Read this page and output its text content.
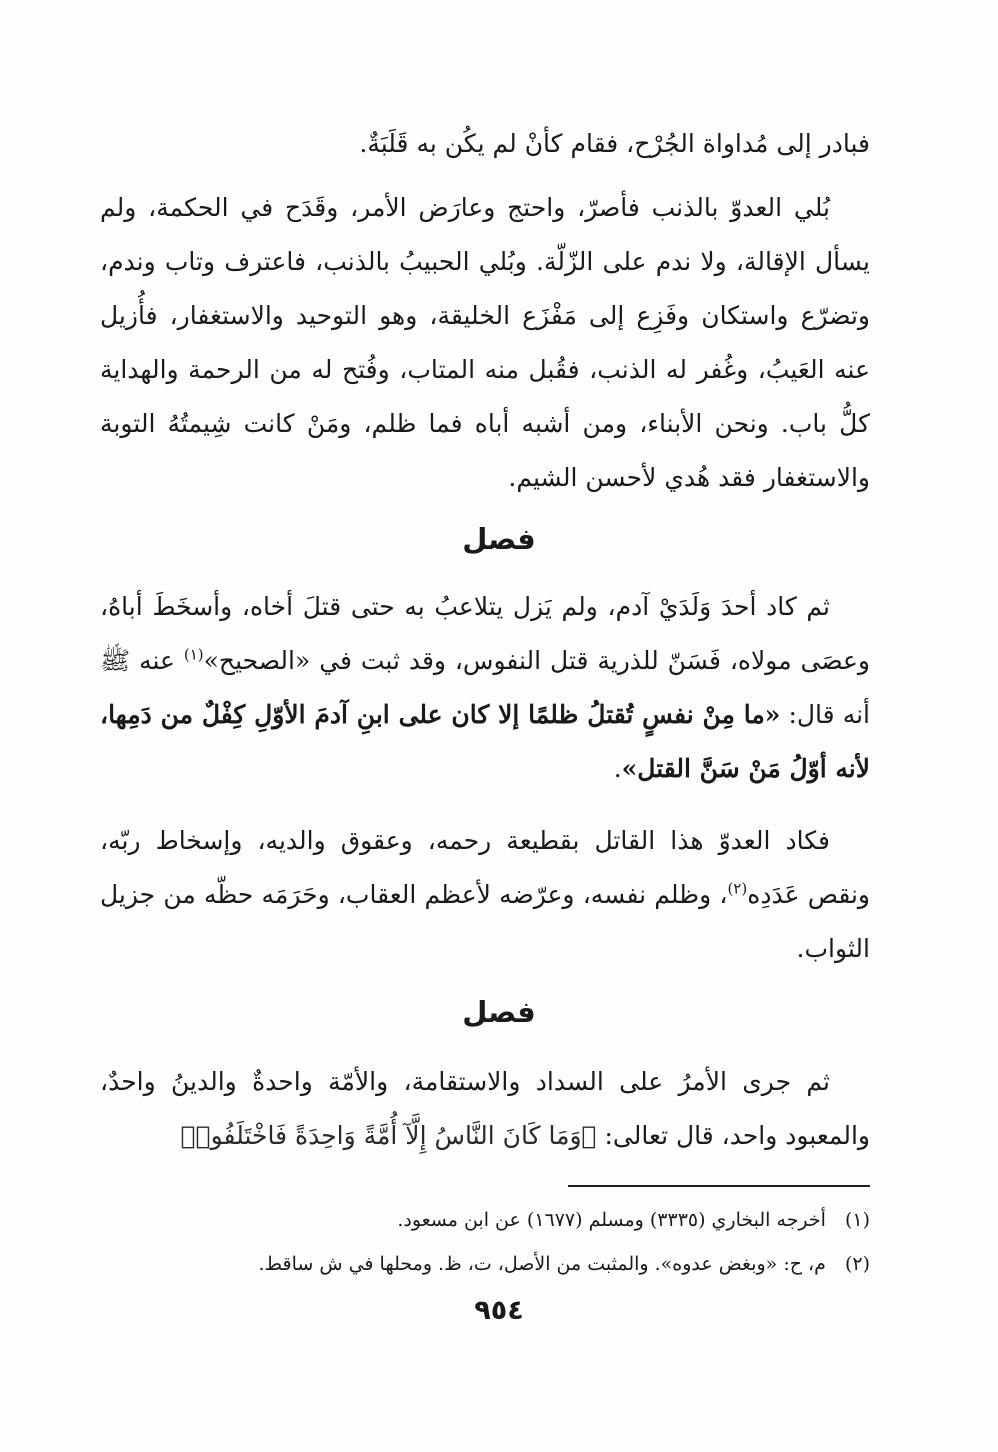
فبادر إلى مُداواة الجُرْح، فقام كأنْ لم يكُن به قَلَبَةٌ.

بُلي العدوّ بالذنب فأصرّ، واحتج وعارَض الأمر، وقَدَح في الحكمة، ولم يسأل الإقالة، ولا ندم على الزّلّة. وبُلي الحبيبُ بالذنب، فاعترف وتاب وندم، وتضرّع واستكان وفَزِع إلى مَفْزَع الخليقة، وهو التوحيد والاستغفار، فأُزيل عنه العَيبُ، وغُفر له الذنب، فقُبل منه المتاب، وفُتح له من الرحمة والهداية كلُّ باب. ونحن الأبناء، ومن أشبه أباه فما ظلم، ومَنْ كانت شِيمتُهُ التوبة والاستغفار فقد هُدي لأحسن الشيم.

فصل

ثم كاد أحدَ وَلَدَيْ آدم، ولم يَزل يتلاعبُ به حتى قتلَ أخاه، وأسخَطَ أباهُ، وعصَى مولاه، فَسَنّ للذرية قتل النفوس، وقد ثبت في «الصحيح»$^{(١)}$ عنه ﷺ أنه قال: «ما مِنْ نفسٍ تُقتلُ ظلمًا إلا كان على ابنِ آدمَ الأوّلِ كِفْلٌ من دَمِها، لأنه أوّلُ مَنْ سَنَّ القتل».

فكاد العدوّ هذا القاتل بقطيعة رحمه، وعقوق والديه، وإسخاط ربّه، ونقص عَدَدِه$^{(٢)}$، وظلم نفسه، وعرّضه لأعظم العقاب، وحَرَمَه حظّه من جزيل الثواب.

فصل

ثم جرى الأمرُ على السداد والاستقامة، والأمّة واحدةٌ والدينُ واحدٌ، والمعبود واحد، قال تعالى: ﴿وَمَا كَانَ النَّاسُ إِلَّآ أُمَّةً وَاحِدَةً فَاخْتَلَفُوا۟

(١) أخرجه البخاري (٣٣٣٥) ومسلم (١٦٧٧) عن ابن مسعود.

(٢) م، ح: «وبغض عدوه». والمثبت من الأصل، ت، ظ. ومحلها في ش ساقط.

٩٥٤
